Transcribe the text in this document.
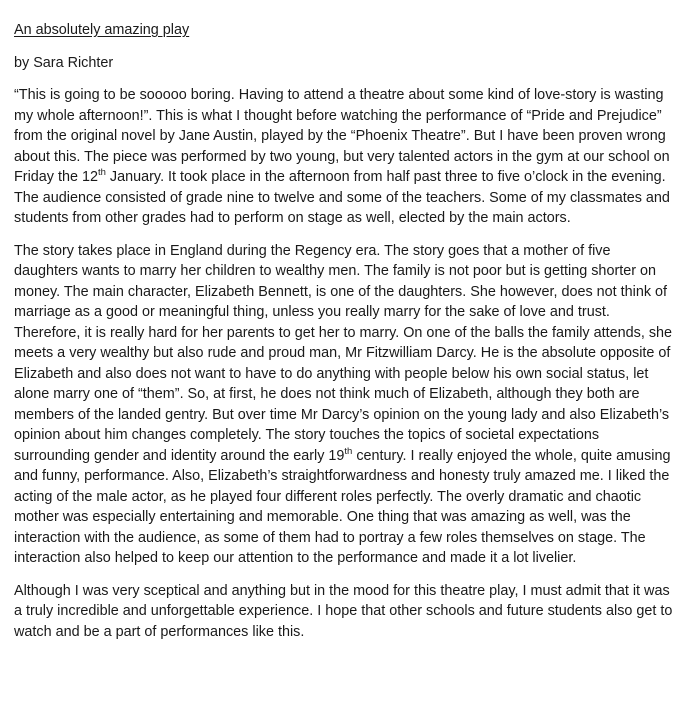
An absolutely amazing play

by Sara Richter

“This is going to be sooooo boring. Having to attend a theatre about some kind of love-story is wasting my whole afternoon!”. This is what I thought before watching the performance of “Pride and Prejudice” from the original novel by Jane Austin, played by the “Phoenix Theatre”. But I have been proven wrong about this. The piece was performed by two young, but very talented actors in the gym at our school on Friday the 12th January. It took place in the afternoon from half past three to five o’clock in the evening. The audience consisted of grade nine to twelve and some of the teachers. Some of my classmates and students from other grades had to perform on stage as well, elected by the main actors.

The story takes place in England during the Regency era. The story goes that a mother of five daughters wants to marry her children to wealthy men. The family is not poor but is getting shorter on money. The main character, Elizabeth Bennett, is one of the daughters. She however, does not think of marriage as a good or meaningful thing, unless you really marry for the sake of love and trust. Therefore, it is really hard for her parents to get her to marry. On one of the balls the family attends, she meets a very wealthy but also rude and proud man, Mr Fitzwilliam Darcy. He is the absolute opposite of Elizabeth and also does not want to have to do anything with people below his own social status, let alone marry one of “them”. So, at first, he does not think much of Elizabeth, although they both are members of the landed gentry. But over time Mr Darcy’s opinion on the young lady and also Elizabeth’s opinion about him changes completely. The story touches the topics of societal expectations surrounding gender and identity around the early 19th century. I really enjoyed the whole, quite amusing and funny, performance. Also, Elizabeth’s straightforwardness and honesty truly amazed me. I liked the acting of the male actor, as he played four different roles perfectly. The overly dramatic and chaotic mother was especially entertaining and memorable. One thing that was amazing as well, was the interaction with the audience, as some of them had to portray a few roles themselves on stage. The interaction also helped to keep our attention to the performance and made it a lot livelier.

Although I was very sceptical and anything but in the mood for this theatre play, I must admit that it was a truly incredible and unforgettable experience. I hope that other schools and future students also get to watch and be a part of performances like this.
